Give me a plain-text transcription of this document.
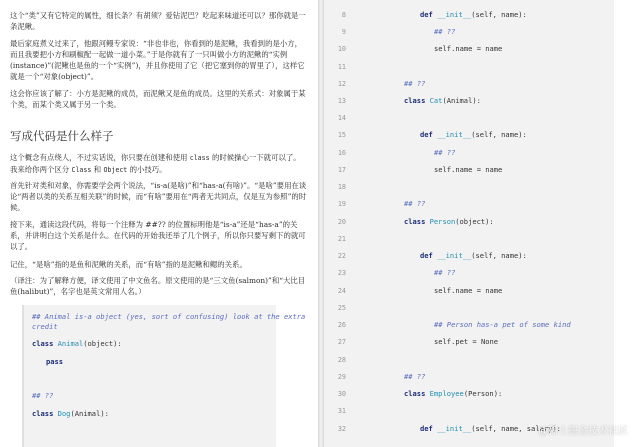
这个“类”又有它特定的属性，细长条？有胡须？爱钻泥巴？吃起来味道还可以？那你就是一条泥鳅。
最后家庭煮义过来了，他跟河鳗专家说：“非也非也，你看到的是泥鳅，我看到的是小方，而且我要把小方和刷椒配一起做一道小菜。”于是你就有了一只叫做小方的泥鳅的“实例(instance)”(泥鳅也是鱼的一个“实例”)，并且你使用了它（把它塞到你的胃里了），这样它就是一个“对象(object)”。
这会你应该了解了：小方是泥鳅的成员，而泥鳅又是鱼的成员。这里的关系式：对象属于某个类，而某个类又属于另一个类。
写成代码是什么样子
这个概念有点绕人，不过实话说，你只要在创建和使用 class 的时候操心一下就可以了。我来给你两个区分 Class 和 Object 的小技巧。
首先针对类和对象，你需要学会两个说法，“is-a(是啥)”和“has-a(有啥)”。“是啥”要用在谈论“两者以类的关系互相关联”的时候，而“有啥”要用在“两者无共同点，仅是互为参照”的时候。
接下来，通读这段代码，将每一个注释为 ##?? 的位置标明他是“is-a”还是“has-a”的关系，并讲明白这个关系是什么。在代码的开始我还举了几个例子，所以你只要写剩下的就可以了。
记住，“是啥”指的是鱼和泥鳅的关系，而“有啥”指的是泥鳅和鳃的关系。
（译注：为了解释方便，译文使用了中文鱼名。原文使用的是“三文鱼(salmon)”和“大比目鱼(halibut)”，名字也是英文常用人名。）
## Animal is-a object (yes, sort of confusing) look at the extra
credit
class Animal(object):
pass
## ??
class Dog(Animal):
8
9
10
11
12
13
14
15
16
17
18
19
20
21
22
23
24
25
26
27
28
29
30
31
32
def __init__(self, name):
## ??
self.name = name
## ??
class Cat(Animal):
def __init__(self, name):
## ??
self.name = name
## ??
class Person(object):
def __init__(self, name):
## ??
self.name = name
## Person has-a pet of some kind
self.pet = None
## ??
class Employee(Person):
def __init__(self, name, salary):
@稀土掘金技术社区
